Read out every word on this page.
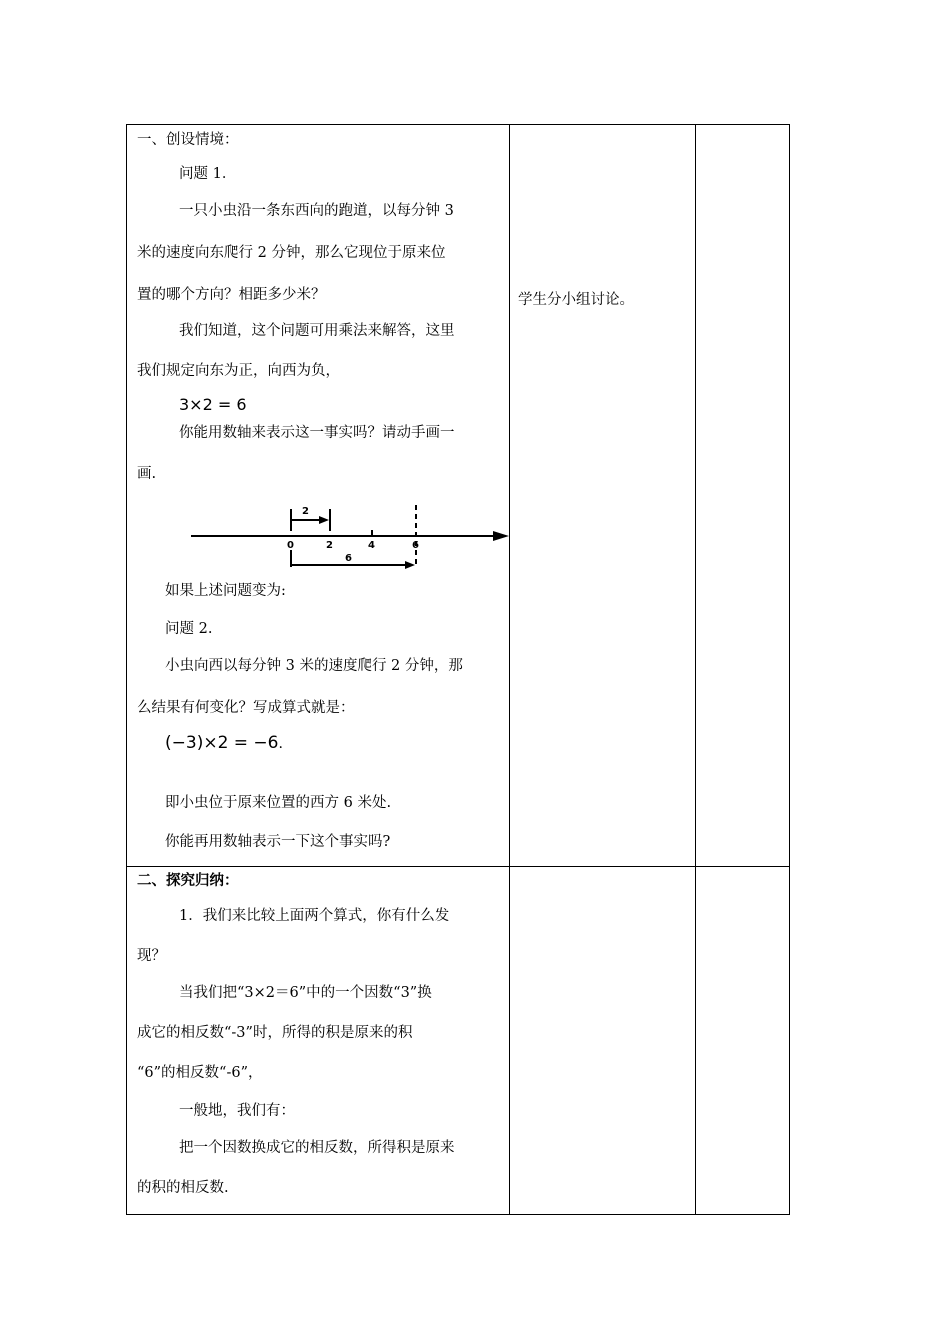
一、创设情境：
问题 1．
一只小虫沿一条东西向的跑道，以每分钟 3
米的速度向东爬行 2 分钟，那么它现位于原来位
置的哪个方向？相距多少米？
我们知道，这个问题可用乘法来解答，这里
我们规定向东为正，向西为负，
3×2 = 6
你能用数轴来表示这一事实吗？请动手画一
画.
2
0	2	4	6
6
如果上述问题变为:
问题 2.
小虫向西以每分钟 3 米的速度爬行 2 分钟，那
么结果有何变化？写成算式就是：
(−3)×2 = −6.
即小虫位于原来位置的西方 6 米处.
你能再用数轴表示一下这个事实吗?
学生分小组讨论。
二、探究归纳：
1．我们来比较上面两个算式，你有什么发
现？
当我们把“3×2＝6”中的一个因数“3”换
成它的相反数“-3”时，所得的积是原来的积
“6”的相反数“-6”，
一般地，我们有：
把一个因数换成它的相反数，所得积是原来
的积的相反数.
